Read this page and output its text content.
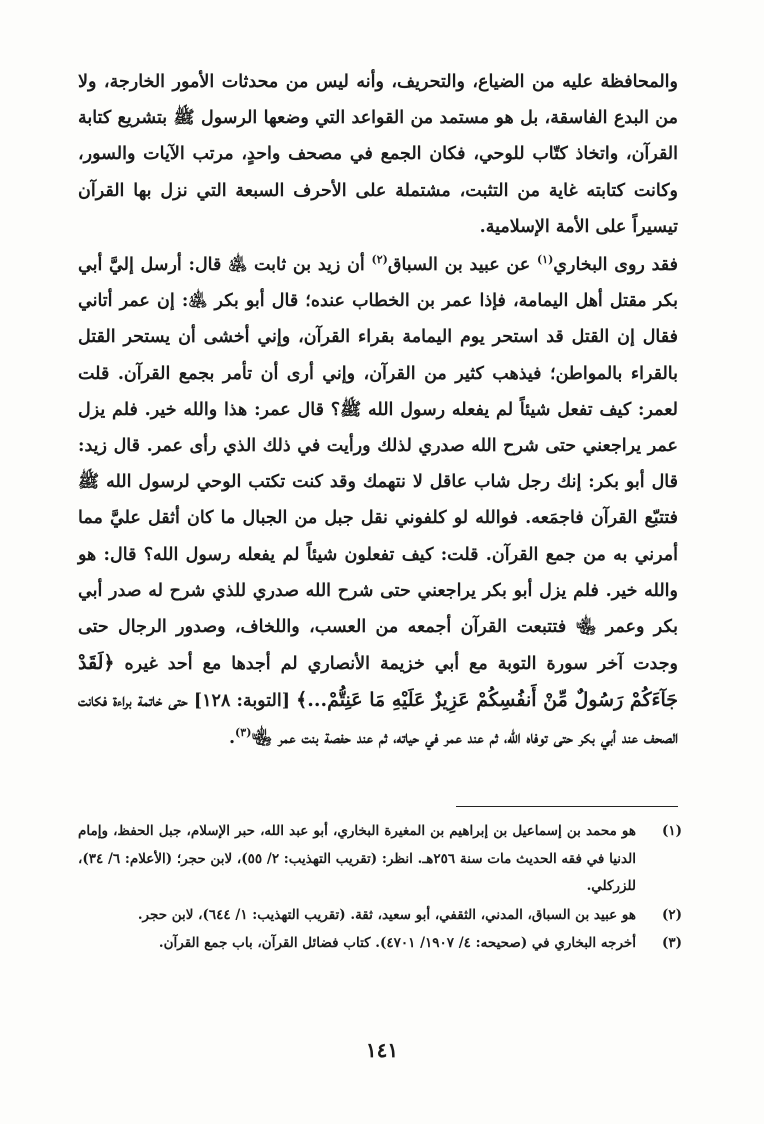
والمحافظة عليه من الضياع، والتحريف، وأنه ليس من محدثات الأمور الخارجة، ولا من البدع الفاسقة، بل هو مستمد من القواعد التي وضعها الرسول ﷺ بتشريع كتابة القرآن، واتخاذ كتّاب للوحي، فكان الجمع في مصحف واحدٍ، مرتب الآيات والسور، وكانت كتابته غاية من التثبت، مشتملة على الأحرف السبعة التي نزل بها القرآن تيسيراً على الأمة الإسلامية.

فقد روى البخاري$^{(١)}$ عن عبيد بن السباق$^{(٢)}$ أن زيد بن ثابت ﵁ قال: أرسل إليَّ أبي بكر مقتل أهل اليمامة، فإذا عمر بن الخطاب عنده؛ قال أبو بكر ﵁: إن عمر أتاني فقال إن القتل قد استحر يوم اليمامة بقراء القرآن، وإني أخشى أن يستحر القتل بالقراء بالمواطن؛ فيذهب كثير من القرآن، وإني أرى أن تأمر بجمع القرآن. قلت لعمر: كيف تفعل شيئاً لم يفعله رسول الله ﷺ؟ قال عمر: هذا والله خير. فلم يزل عمر يراجعني حتى شرح الله صدري لذلك ورأيت في ذلك الذي رأى عمر. قال زيد: قال أبو بكر: إنك رجل شاب عاقل لا نتهمك وقد كنت تكتب الوحي لرسول الله ﷺ فتتبّع القرآن فاجمَعه. فوالله لو كلفوني نقل جبل من الجبال ما كان أثقل عليَّ مما أمرني به من جمع القرآن. قلت: كيف تفعلون شيئاً لم يفعله رسول الله؟ قال: هو والله خير. فلم يزل أبو بكر يراجعني حتى شرح الله صدري للذي شرح له صدر أبي بكر وعمر ﵄ فتتبعت القرآن أجمعه من العسب، واللخاف، وصدور الرجال حتى وجدت آخر سورة التوبة مع أبي خزيمة الأنصاري لم أجدها مع أحد غيره ﴿لَقَدْ جَآءَكُمْ رَسُولٌ مِّنْ أَنفُسِكُمْ عَزِيزٌ عَلَيْهِ مَا عَنِتُّمْ...﴾ [التوبة: ١٢٨] حتى خاتمة براءة فكانت الصحف عند أبي بكر حتى توفاه الله، ثم عند عمر في حياته، ثم عند حفصة بنت عمر ﵄$^{(٣)}$.

(١)
هو محمد بن إسماعيل بن إبراهيم بن المغيرة البخاري، أبو عبد الله، حبر الإسلام، جبل الحفظ، وإمام الدنيا في فقه الحديث مات سنة ٢٥٦هـ. انظر: (تقريب التهذيب: ٢/ ٥٥)، لابن حجر؛ (الأعلام: ٦/ ٣٤)، للزركلي.
(٢)
هو عبيد بن السباق، المدني، الثقفي، أبو سعيد، ثقة. (تقريب التهذيب: ١/ ٦٤٤)، لابن حجر.
(٣)
أخرجه البخاري في (صحيحه: ٤/ ١٩٠٧/ ٤٧٠١). كتاب فضائل القرآن، باب جمع القرآن.
١٤١
